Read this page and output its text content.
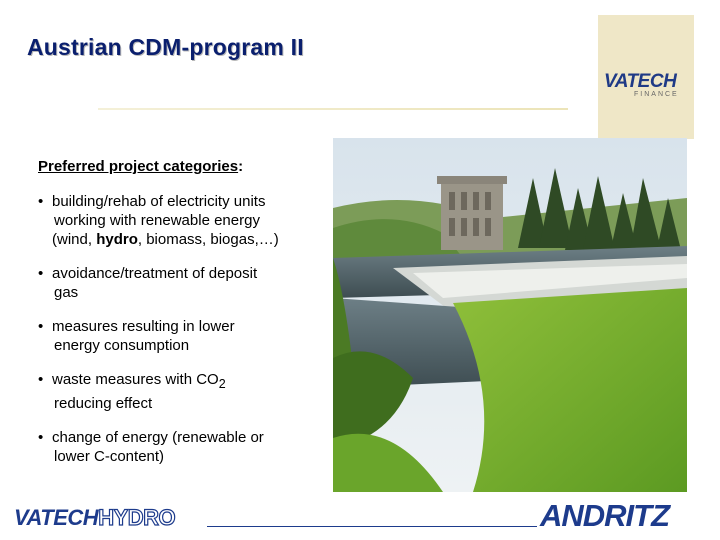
Austrian CDM-program II
VATECH
FINANCE
Preferred project categories:
• building/rehab of electricity units
working with renewable energy
(wind, hydro, biomass, biogas,…)
• avoidance/treatment of deposit
gas
• measures resulting in lower
energy consumption
• waste measures with $CO_2$
reducing effect
• change of energy (renewable or
lower C-content)
VATECHHYDRO	ANDRITZ
